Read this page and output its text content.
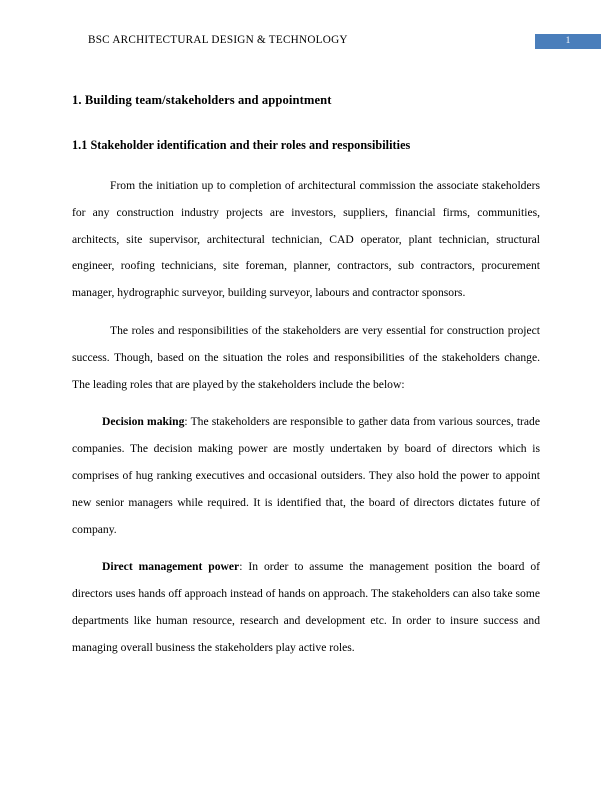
BSC ARCHITECTURAL DESIGN & TECHNOLOGY	1
1. Building team/stakeholders and appointment
1.1 Stakeholder identification and their roles and responsibilities

From the initiation up to completion of architectural commission the associate stakeholders for any construction industry projects are investors, suppliers, financial firms, communities, architects, site supervisor, architectural technician, CAD operator, plant technician, structural engineer, roofing technicians, site foreman, planner, contractors, sub contractors, procurement manager, hydrographic surveyor, building surveyor, labours and contractor sponsors.

The roles and responsibilities of the stakeholders are very essential for construction project success. Though, based on the situation the roles and responsibilities of the stakeholders change. The leading roles that are played by the stakeholders include the below:

Decision making: The stakeholders are responsible to gather data from various sources, trade companies. The decision making power are mostly undertaken by board of directors which is comprises of hug ranking executives and occasional outsiders. They also hold the power to appoint new senior managers while required. It is identified that, the board of directors dictates future of company.

Direct management power: In order to assume the management position the board of directors uses hands off approach instead of hands on approach. The stakeholders can also take some departments like human resource, research and development etc. In order to insure success and managing overall business the stakeholders play active roles.
